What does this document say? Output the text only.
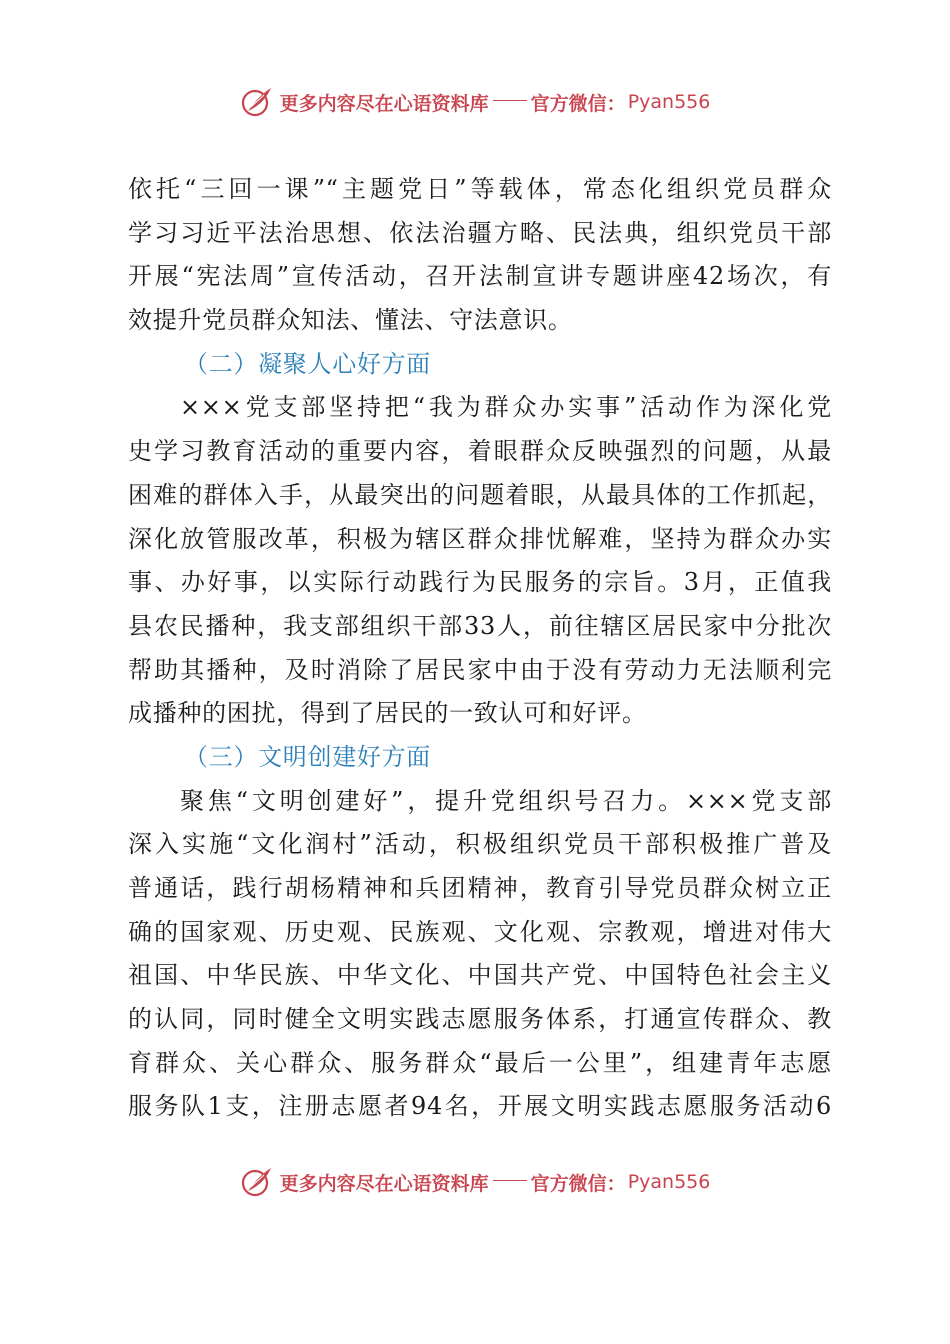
更多内容尽在心语资料库 官方微信： Pyan556
依托“三回一课”“主题党日”等载体，常态化组织党员群众
学习习近平法治思想、依法治疆方略、民法典，组织党员干部
开展“宪法周”宣传活动，召开法制宣讲专题讲座42场次，有
效提升党员群众知法、懂法、守法意识。
（二）凝聚人心好方面
×××党支部坚持把“我为群众办实事”活动作为深化党
史学习教育活动的重要内容，着眼群众反映强烈的问题，从最
困难的群体入手，从最突出的问题着眼，从最具体的工作抓起，
深化放管服改革，积极为辖区群众排忧解难，坚持为群众办实
事、办好事，以实际行动践行为民服务的宗旨。3月，正值我
县农民播种，我支部组织干部33人，前往辖区居民家中分批次
帮助其播种，及时消除了居民家中由于没有劳动力无法顺利完
成播种的困扰，得到了居民的一致认可和好评。
（三）文明创建好方面
聚焦“文明创建好”，提升党组织号召力。×××党支部
深入实施“文化润村”活动，积极组织党员干部积极推广普及
普通话，践行胡杨精神和兵团精神，教育引导党员群众树立正
确的国家观、历史观、民族观、文化观、宗教观，增进对伟大
祖国、中华民族、中华文化、中国共产党、中国特色社会主义
的认同，同时健全文明实践志愿服务体系，打通宣传群众、教
育群众、关心群众、服务群众“最后一公里”，组建青年志愿
服务队1支，注册志愿者94名，开展文明实践志愿服务活动6
更多内容尽在心语资料库 官方微信： Pyan556
